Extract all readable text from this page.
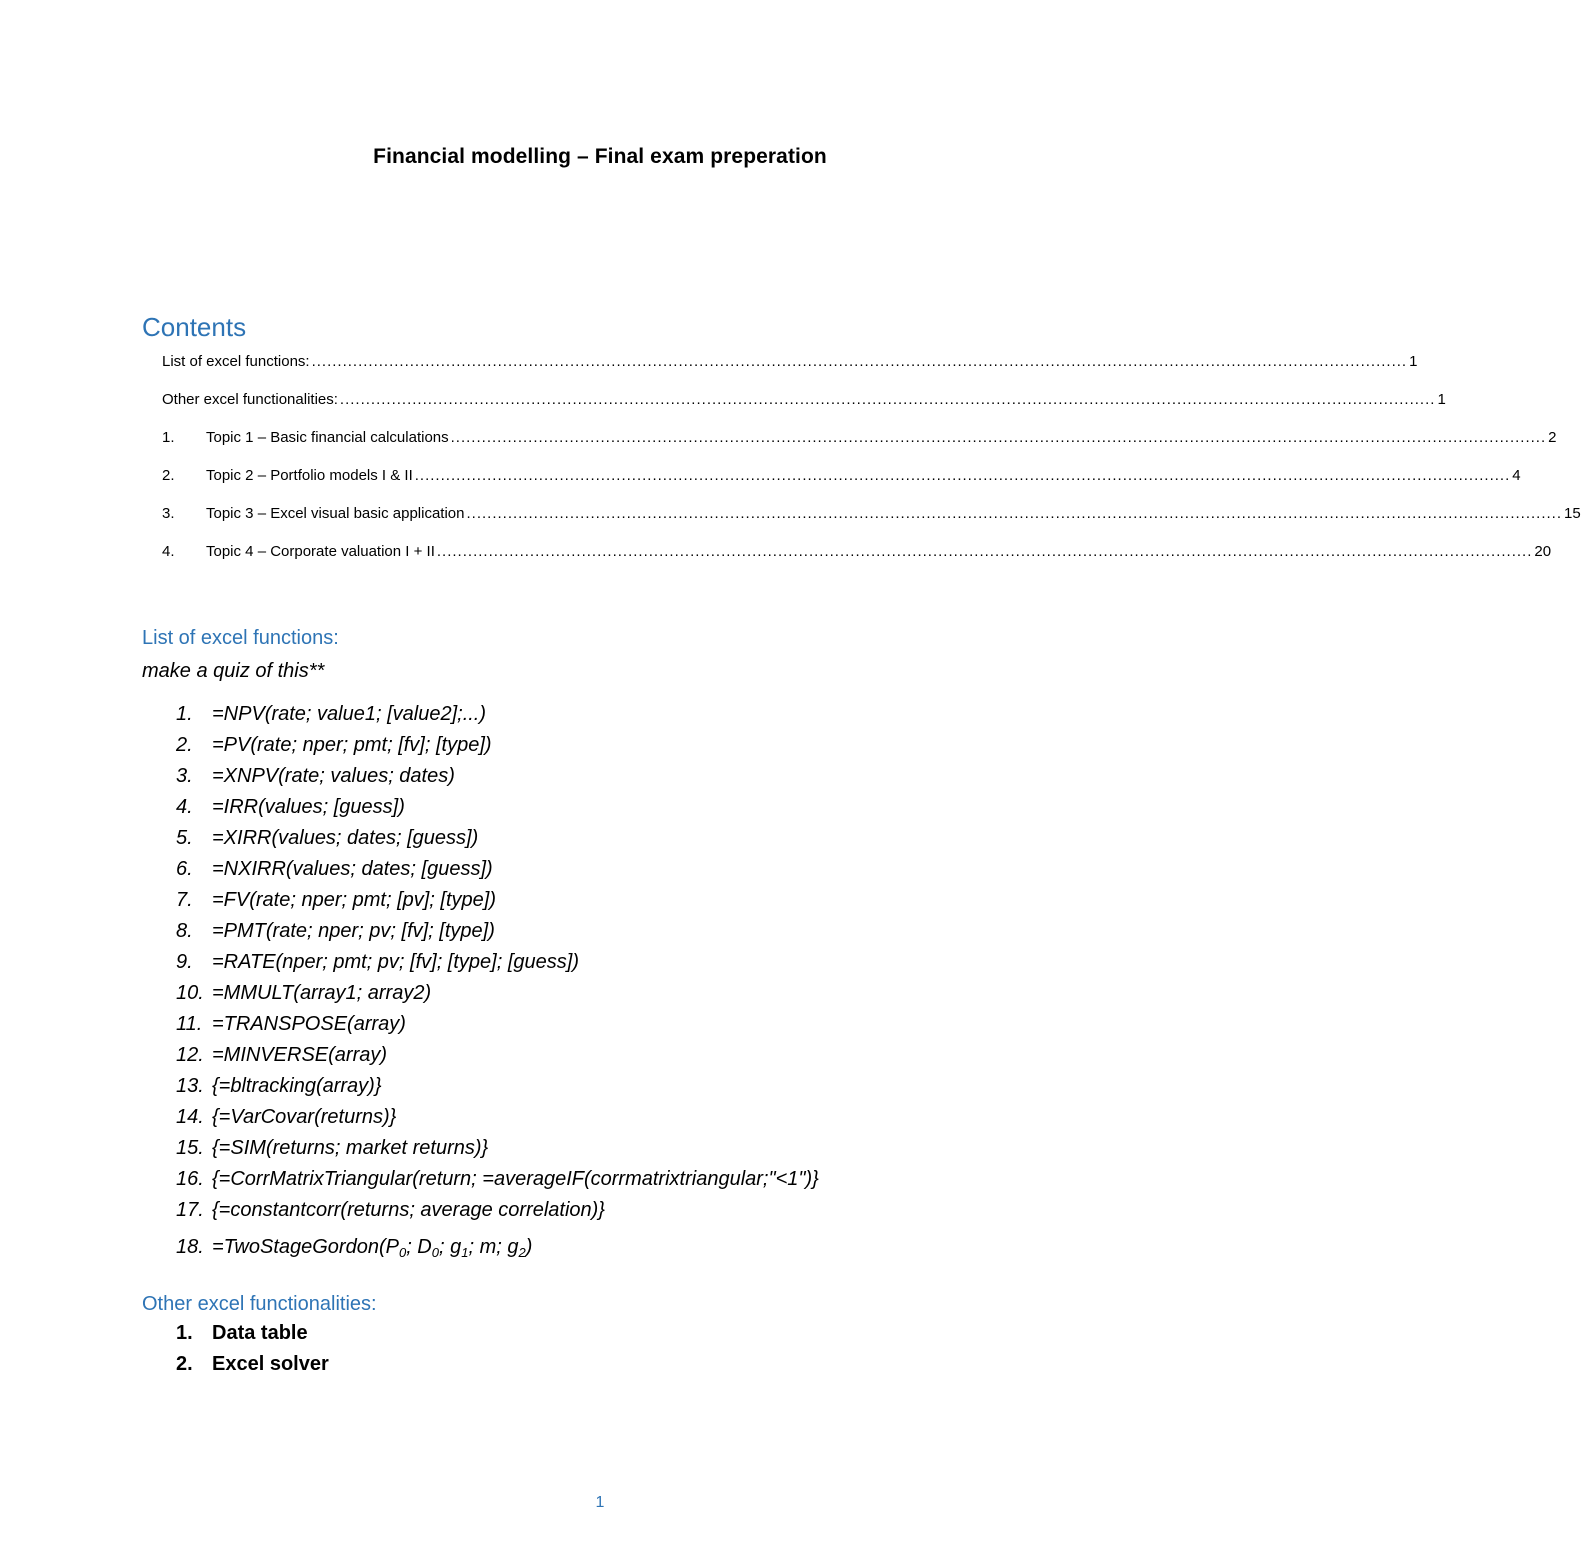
Financial modelling – Final exam preperation
Contents
List of excel functions: .................................................................................................................................................................................................................... 1
Other excel functionalities: .................................................................................................................................................................................................................... 1
1.	Topic 1 – Basic financial calculations .................................................................................................................................................................................................................... 2
2.	Topic 2 – Portfolio models I & II .................................................................................................................................................................................................................... 4
3.	Topic 3 – Excel visual basic application .................................................................................................................................................................................................................... 15
4.	Topic 4 – Corporate valuation I + II .................................................................................................................................................................................................................... 20
List of excel functions:
make a quiz of this**
1. =NPV(rate; value1; [value2];...)
2. =PV(rate; nper; pmt; [fv]; [type])
3. =XNPV(rate; values; dates)
4. =IRR(values; [guess])
5. =XIRR(values; dates; [guess])
6. =NXIRR(values; dates; [guess])
7. =FV(rate; nper; pmt; [pv]; [type])
8. =PMT(rate; nper; pv; [fv]; [type])
9. =RATE(nper; pmt; pv; [fv]; [type]; [guess])
10. =MMULT(array1; array2)
11. =TRANSPOSE(array)
12. =MINVERSE(array)
13. {=bltracking(array)}
14. {=VarCovar(returns)}
15. {=SIM(returns; market returns)}
16. {=CorrMatrixTriangular(return; =averageIF(corrmatrixtriangular;"<1")}
17. {=constantcorr(returns; average correlation)}
18. $=TwoStageGordon(P_0$; $D_0$; $g_1$; m; $g_2$)
Other excel functionalities:
1. Data table
2. Excel solver
1
